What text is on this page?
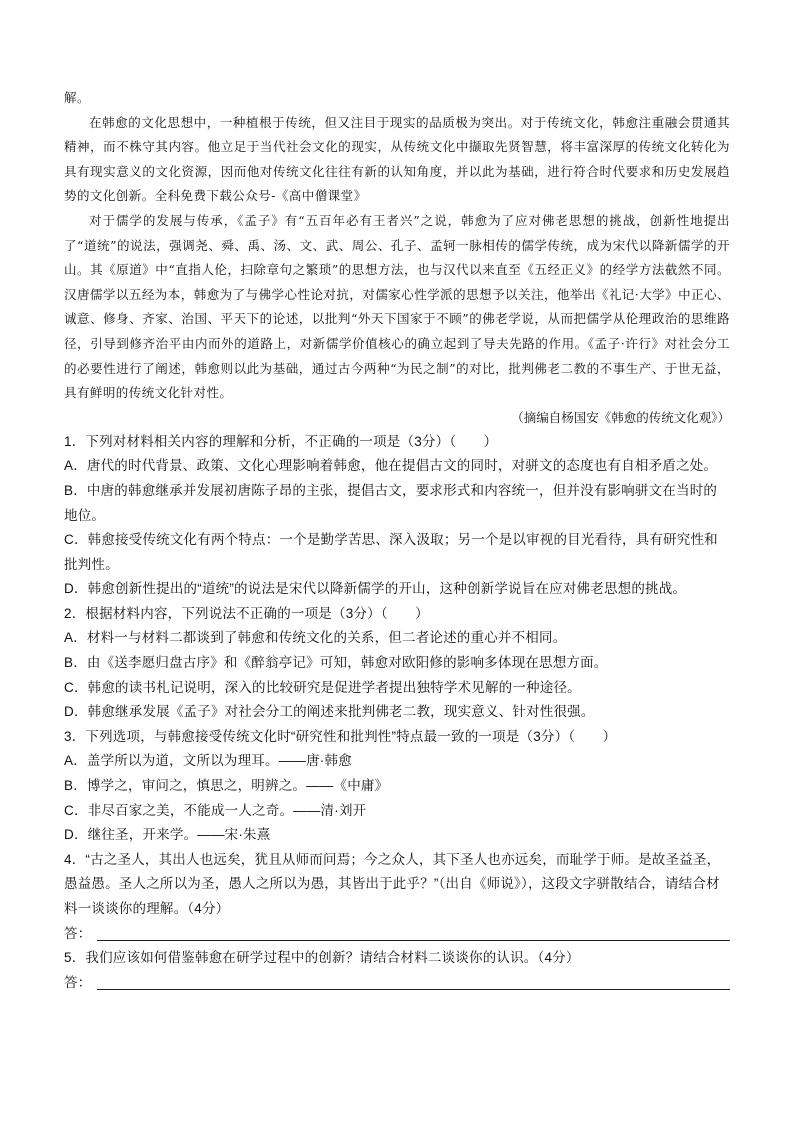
解。

在韩愈的文化思想中，一种植根于传统，但又注目于现实的品质极为突出。对于传统文化，韩愈注重融会贯通其精神，而不株守其内容。他立足于当代社会文化的现实，从传统文化中撷取先贤智慧，将丰富深厚的传统文化转化为具有现实意义的文化资源，因而他对传统文化往往有新的认知角度，并以此为基础，进行符合时代要求和历史发展趋势的文化创新。全科免费下载公众号-《高中僧课堂》

对于儒学的发展与传承，《孟子》有“五百年必有王者兴”之说，韩愈为了应对佛老思想的挑战，创新性地提出了“道统”的说法，强调尧、舜、禹、汤、文、武、周公、孔子、孟轲一脉相传的儒学传统，成为宋代以降新儒学的开山。其《原道》中“直指人伦，扫除章句之繁琐”的思想方法，也与汉代以来直至《五经正义》的经学方法截然不同。汉唐儒学以五经为本，韩愈为了与佛学心性论对抗，对儒家心性学派的思想予以关注，他举出《礼记·大学》中正心、诚意、修身、齐家、治国、平天下的论述，以批判“外天下国家于不顾”的佛老学说，从而把儒学从伦理政治的思维路径，引导到修齐治平由内而外的道路上，对新儒学价值核心的确立起到了导夫先路的作用。《孟子·许行》对社会分工的必要性进行了阐述，韩愈则以此为基础，通过古今两种“为民之制”的对比，批判佛老二教的不事生产、于世无益，具有鲜明的传统文化针对性。

（摘编自杨国安《韩愈的传统文化观》）

1．下列对材料相关内容的理解和分析，不正确的一项是（3分）（　　）

A．唐代的时代背景、政策、文化心理影响着韩愈，他在提倡古文的同时，对骈文的态度也有自相矛盾之处。

B．中唐的韩愈继承并发展初唐陈子昂的主张，提倡古文，要求形式和内容统一，但并没有影响骈文在当时的地位。

C．韩愈接受传统文化有两个特点：一个是勤学苦思、深入汲取；另一个是以审视的目光看待，具有研究性和批判性。

D．韩愈创新性提出的“道统”的说法是宋代以降新儒学的开山，这种创新学说旨在应对佛老思想的挑战。

2．根据材料内容，下列说法不正确的一项是（3分）（　　）

A．材料一与材料二都谈到了韩愈和传统文化的关系，但二者论述的重心并不相同。

B．由《送李愿归盘古序》和《醉翁亭记》可知，韩愈对欧阳修的影响多体现在思想方面。

C．韩愈的读书札记说明，深入的比较研究是促进学者提出独特学术见解的一种途径。

D．韩愈继承发展《孟子》对社会分工的阐述来批判佛老二教，现实意义、针对性很强。

3．下列选项，与韩愈接受传统文化时“研究性和批判性”特点最一致的一项是（3分）（　　）

A．盖学所以为道，文所以为理耳。——唐·韩愈

B．博学之，审问之，慎思之，明辨之。——《中庸》

C．非尽百家之美，不能成一人之奇。——清·刘开

D．继往圣，开来学。——宋·朱熹

4．“古之圣人，其出人也远矣，犹且从师而问焉；今之众人，其下圣人也亦远矣，而耻学于师。是故圣益圣，愚益愚。圣人之所以为圣，愚人之所以为愚，其皆出于此乎？”（出自《师说》），这段文字骈散结合，请结合材料一谈谈你的理解。（4分）

答：

5．我们应该如何借鉴韩愈在研学过程中的创新？请结合材料二谈谈你的认识。（4分）

答：
